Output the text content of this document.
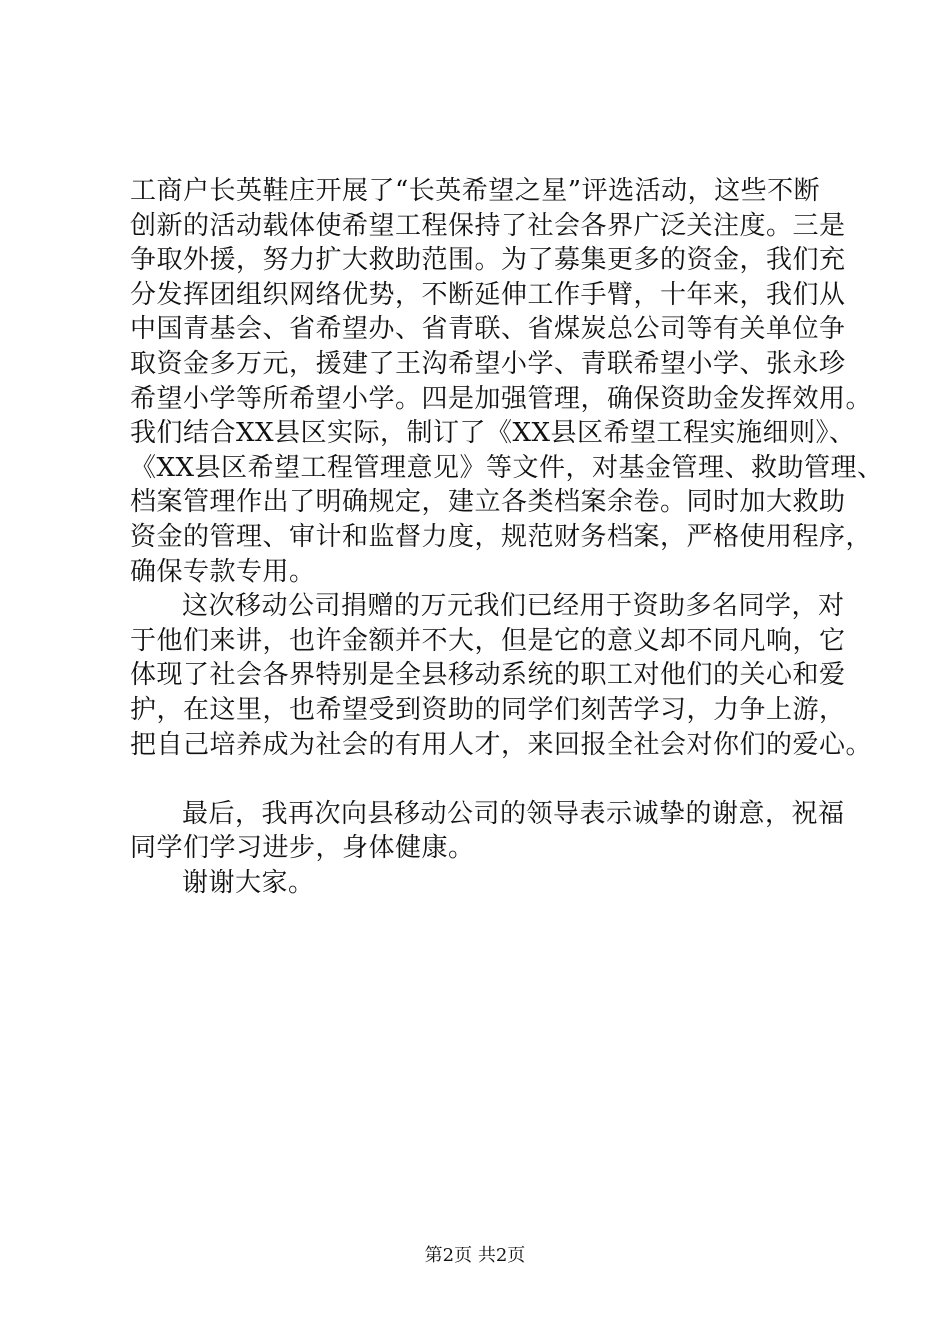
工商户长英鞋庄开展了“长英希望之星”评选活动，这些不断
创新的活动载体使希望工程保持了社会各界广泛关注度。三是
争取外援，努力扩大救助范围。为了募集更多的资金，我们充
分发挥团组织网络优势，不断延伸工作手臂，十年来，我们从
中国青基会、省希望办、省青联、省煤炭总公司等有关单位争
取资金多万元，援建了王沟希望小学、青联希望小学、张永珍
希望小学等所希望小学。四是加强管理，确保资助金发挥效用。
我们结合XX县区实际，制订了《XX县区希望工程实施细则》、
《XX县区希望工程管理意见》等文件，对基金管理、救助管理、
档案管理作出了明确规定，建立各类档案余卷。同时加大救助
资金的管理、审计和监督力度，规范财务档案，严格使用程序，
确保专款专用。
这次移动公司捐赠的万元我们已经用于资助多名同学，对
于他们来讲，也许金额并不大，但是它的意义却不同凡响，它
体现了社会各界特别是全县移动系统的职工对他们的关心和爱
护，在这里，也希望受到资助的同学们刻苦学习，力争上游，
把自己培养成为社会的有用人才，来回报全社会对你们的爱心。
最后，我再次向县移动公司的领导表示诚挚的谢意，祝福
同学们学习进步，身体健康。
谢谢大家。
第2页 共2页
